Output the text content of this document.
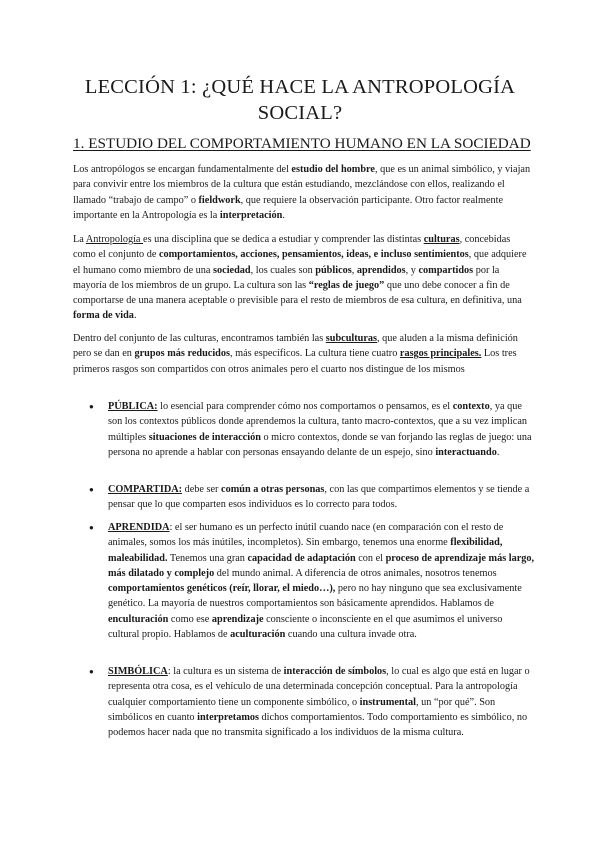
LECCIÓN 1: ¿QUÉ HACE LA ANTROPOLOGÍA SOCIAL?
1. ESTUDIO DEL COMPORTAMIENTO HUMANO EN LA SOCIEDAD

Los antropólogos se encargan fundamentalmente del estudio del hombre, que es un animal simbólico, y viajan para convivir entre los miembros de la cultura que están estudiando, mezclándose con ellos, realizando el llamado “trabajo de campo” o fieldwork, que requiere la observación participante. Otro factor realmente importante en la Antropología es la interpretación.

La Antropología es una disciplina que se dedica a estudiar y comprender las distintas culturas, concebidas como el conjunto de comportamientos, acciones, pensamientos, ideas, e incluso sentimientos, que adquiere el humano como miembro de una sociedad, los cuales son públicos, aprendidos, y compartidos por la mayoría de los miembros de un grupo. La cultura son las “reglas de juego” que uno debe conocer a fin de comportarse de una manera aceptable o previsible para el resto de miembros de esa cultura, en definitiva, una forma de vida.

Dentro del conjunto de las culturas, encontramos también las subculturas, que aluden a la misma definición pero se dan en grupos más reducidos, más específicos. La cultura tiene cuatro rasgos principales. Los tres primeros rasgos son compartidos con otros animales pero el cuarto nos distingue de los mismos

● PÚBLICA: lo esencial para comprender cómo nos comportamos o pensamos, es el contexto, ya que son los contextos públicos donde aprendemos la cultura, tanto macro-contextos, que a su vez implican múltiples situaciones de interacción o micro contextos, donde se van forjando las reglas de juego: una persona no aprende a hablar con personas ensayando delante de un espejo, sino interactuando.

● COMPARTIDA: debe ser común a otras personas, con las que compartimos elementos y se tiende a pensar que lo que comparten esos individuos es lo correcto para todos.

● APRENDIDA: el ser humano es un perfecto inútil cuando nace (en comparación con el resto de animales, somos los más inútiles, incompletos). Sin embargo, tenemos una enorme flexibilidad, maleabilidad. Tenemos una gran capacidad de adaptación con el proceso de aprendizaje más largo, más dilatado y complejo del mundo animal. A diferencia de otros animales, nosotros tenemos comportamientos genéticos (reír, llorar, el miedo…), pero no hay ninguno que sea exclusivamente genético. La mayoría de nuestros comportamientos son básicamente aprendidos. Hablamos de enculturación como ese aprendizaje consciente o inconsciente en el que asumimos el universo cultural propio. Hablamos de aculturación cuando una cultura invade otra.

● SIMBÓLICA: la cultura es un sistema de interacción de símbolos, lo cual es algo que está en lugar o representa otra cosa, es el vehículo de una determinada concepción conceptual. Para la antropología cualquier comportamiento tiene un componente simbólico, o instrumental, un “por qué”. Son simbólicos en cuanto interpretamos dichos comportamientos. Todo comportamiento es simbólico, no podemos hacer nada que no transmita significado a los individuos de la misma cultura.
